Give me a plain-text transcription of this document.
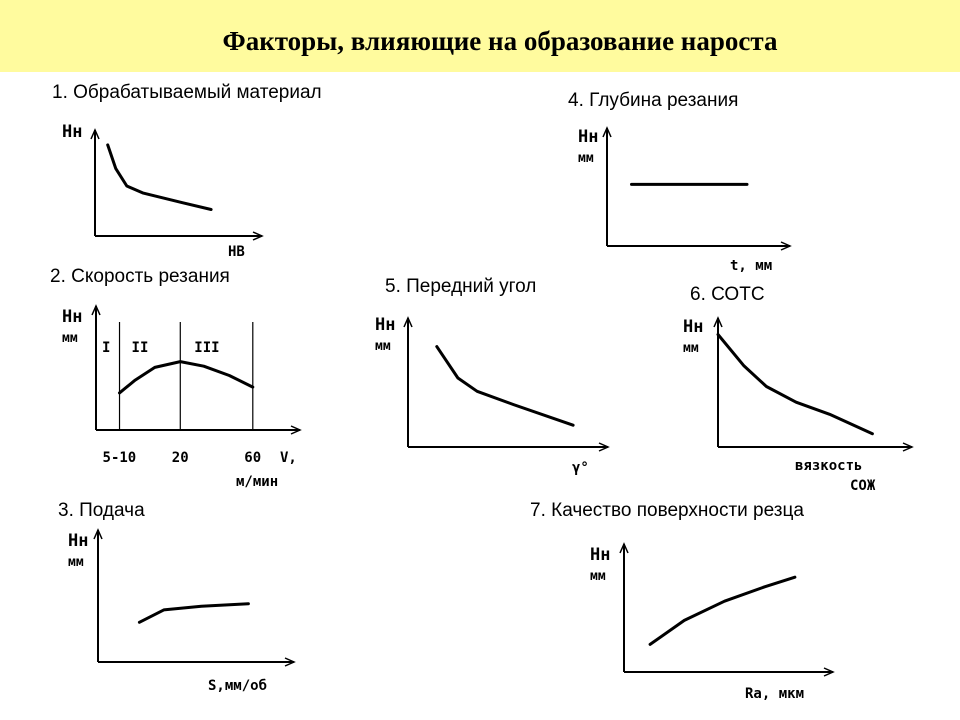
Факторы, влияющие на образование нароста
1. Обрабатываемый материал	4. Глубина резания
2. Скорость резания	5. Передний угол	6. СОТС
3. Подача	7. Качество поверхности резца
Hн
НВ
Hн
мм
t, мм
Hн
мм
V,
м/мин
I II	III
5-10	20	60
Hн
мм
γ°
Hн
мм
вязкость
СОЖ
Hн
мм
S,мм/об
Hн
мм
Ra, мкм
